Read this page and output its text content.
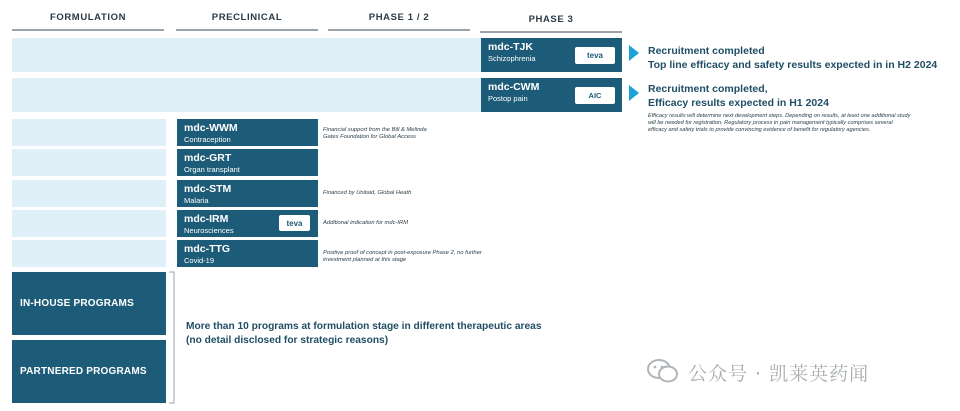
FORMULATION	PRECLINICAL	PHASE 1 / 2	PHASE 3
mdc-TJK
Schizophrenia	teva	Recruitment completed
Top line efficacy and safety results expected in in H2 2024
mdc-CWM
Postop pain	AIC
Recruitment completed,
Efficacy results expected in H1 2024
Efficacy results will determine next development steps. Depending on results, at least one additional study will be needed for registration. Regulatory process in pain management typically comprises several efficacy and safety trials to provide convincing evidence of benefit for regulatory agencies.
mdc-WWM
Contraception
Financial support from the Bill & Melinda Gates Foundation for Global Access
mdc-GRT
Organ transplant
mdc-STM
Malaria
Financed by Unitaid, Global Heath
mdc-IRM
Neurosciences
teva	Additional indication for mdc-IRM
mdc-TTG
Covid-19
Positive proof of concept in post-exposure Phase 2, no further investment planned at this stage
IN-HOUSE PROGRAMS
PARTNERED PROGRAMS
More than 10 programs at formulation stage in different therapeutic areas
(no detail disclosed for strategic reasons)
公众号 · 凯莱英药闻
